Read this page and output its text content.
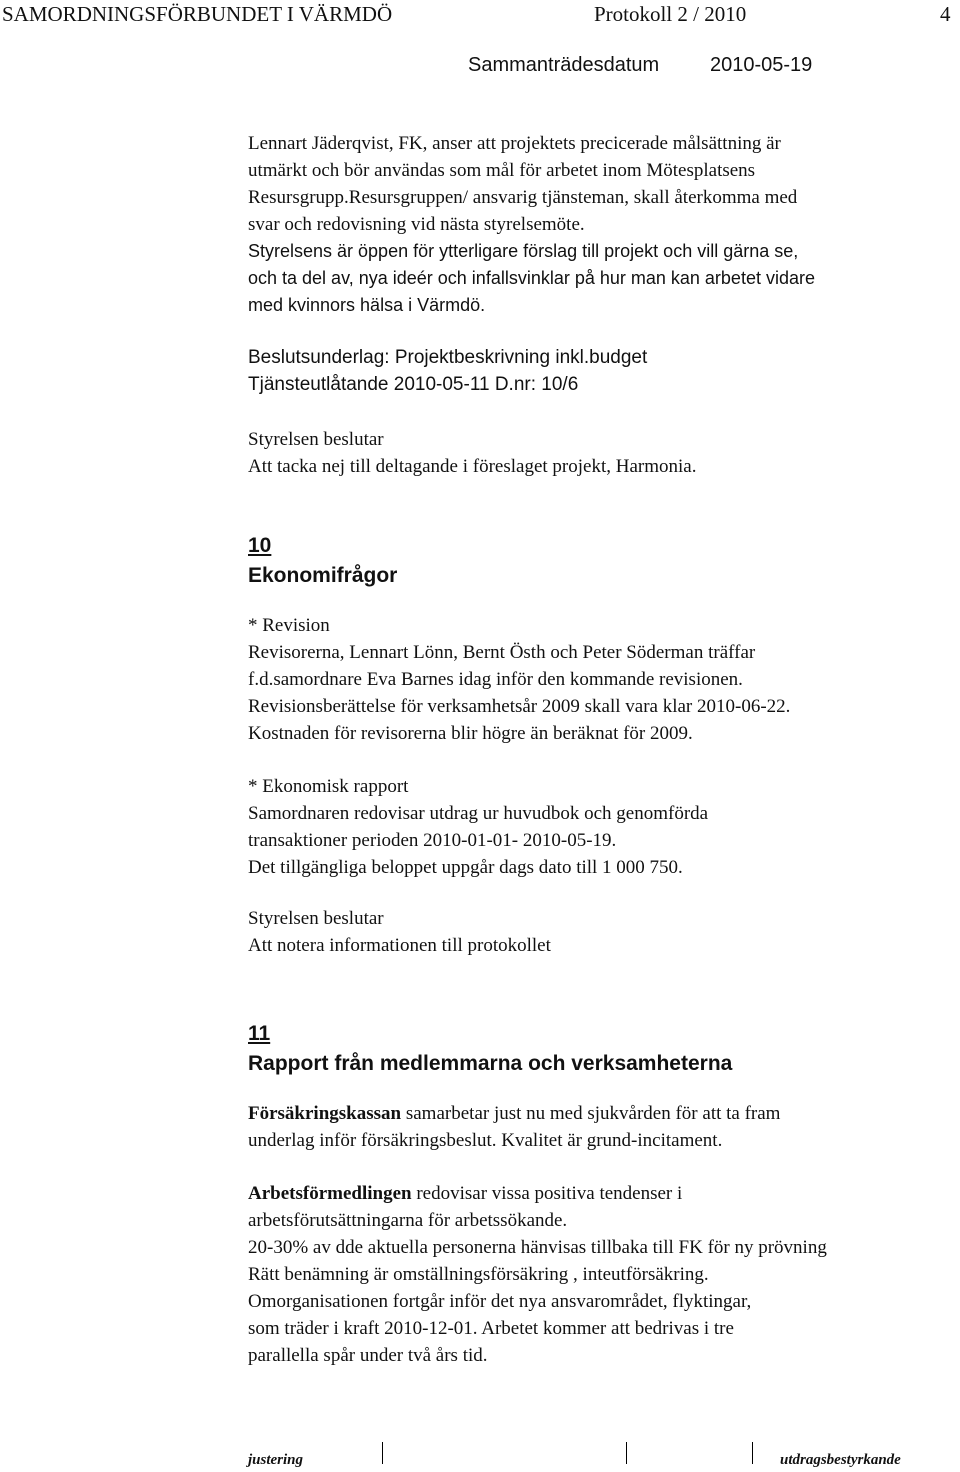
SAMORDNINGSFÖRBUNDET I VÄRMDÖ	Protokoll 2 / 2010	4
Sammanträdesdatum	2010-05-19
Lennart Jäderqvist, FK, anser att projektets precicerade målsättning är
utmärkt och bör användas som mål för arbetet inom Mötesplatsens
Resursgrupp.Resursgruppen/ ansvarig tjänsteman, skall återkomma med
svar och redovisning vid nästa styrelsemöte.
Styrelsens är öppen för ytterligare förslag till projekt och vill gärna se,
och ta del av, nya ideér och infallsvinklar på hur man kan arbetet vidare
med kvinnors hälsa i Värmdö.
Beslutsunderlag: Projektbeskrivning inkl.budget
Tjänsteutlåtande 2010-05-11 D.nr: 10/6
Styrelsen beslutar
Att tacka nej till deltagande i föreslaget projekt, Harmonia.
10
Ekonomifrågor
* Revision
Revisorerna, Lennart Lönn, Bernt Östh och Peter Söderman träffar
f.d.samordnare Eva Barnes idag inför den kommande revisionen.
Revisionsberättelse för verksamhetsår 2009 skall vara klar 2010-06-22.
Kostnaden för revisorerna blir högre än beräknat för 2009.
* Ekonomisk rapport
Samordnaren redovisar utdrag ur huvudbok och genomförda
transaktioner perioden 2010-01-01- 2010-05-19.
Det tillgängliga beloppet uppgår dags dato till 1 000 750.
Styrelsen beslutar
Att notera informationen till protokollet
11
Rapport från medlemmarna och verksamheterna
Försäkringskassan samarbetar just nu med sjukvården för att ta fram
underlag inför försäkringsbeslut. Kvalitet är grund-incitament.
Arbetsförmedlingen redovisar vissa positiva tendenser i
arbetsförutsättningarna för arbetssökande.
20-30% av dde aktuella personerna hänvisas tillbaka till FK för ny prövning
Rätt benämning är omställningsförsäkring , inteutförsäkring.
Omorganisationen fortgår inför det nya ansvarområdet, flyktingar,
som träder i kraft 2010-12-01. Arbetet kommer att bedrivas i tre
parallella spår under två års tid.
justering	utdragsbestyrkande
